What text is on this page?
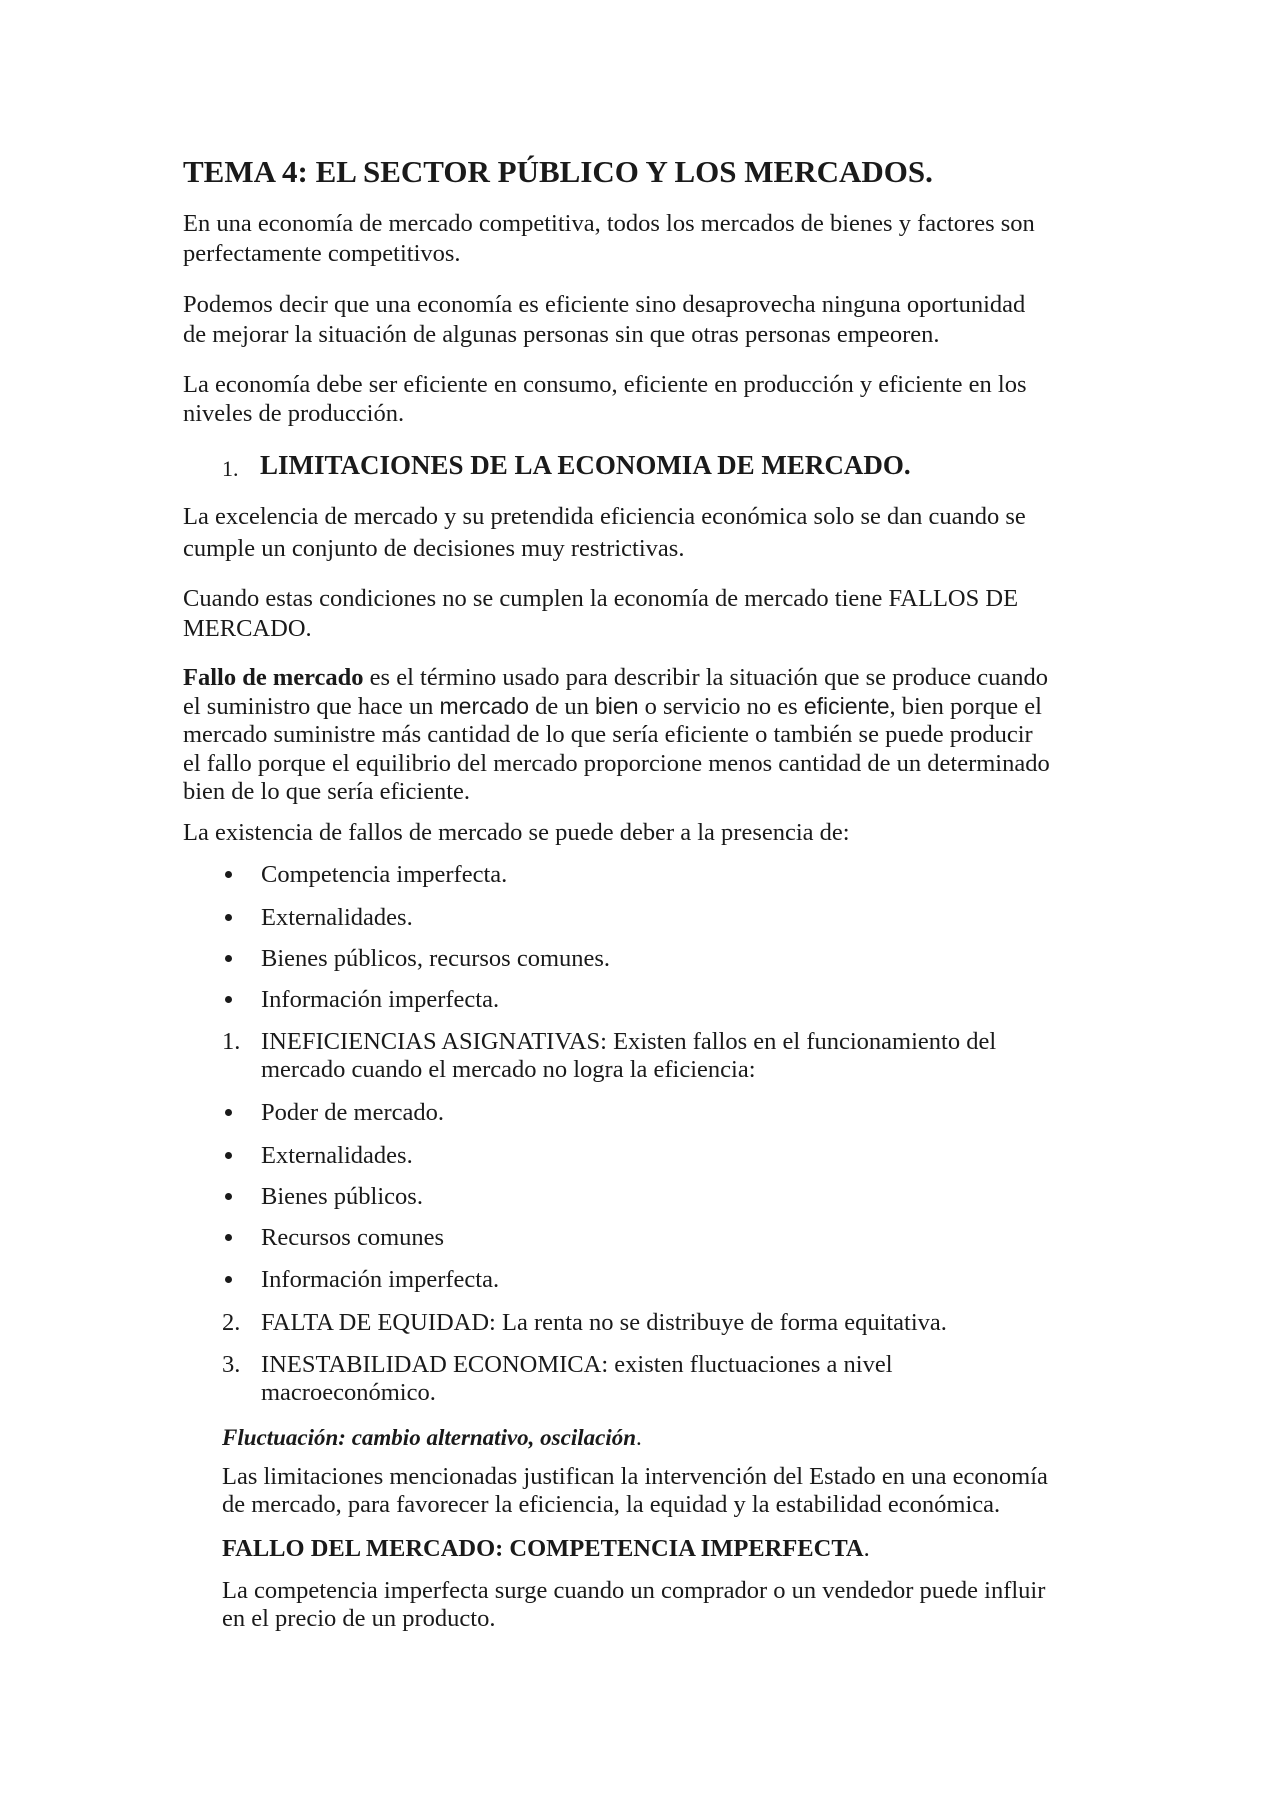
TEMA 4: EL SECTOR PÚBLICO Y LOS MERCADOS.
En una economía de mercado competitiva, todos los mercados de bienes y factores son
perfectamente competitivos.
Podemos decir que una economía es eficiente sino desaprovecha ninguna oportunidad
de mejorar la situación de algunas personas sin que otras personas empeoren.
La economía debe ser eficiente en consumo, eficiente en producción y eficiente en los
niveles de producción.
1. LIMITACIONES DE LA ECONOMIA DE MERCADO.
La excelencia de mercado y su pretendida eficiencia económica solo se dan cuando se
cumple un conjunto de decisiones muy restrictivas.
Cuando estas condiciones no se cumplen la economía de mercado tiene FALLOS DE
MERCADO.
Fallo de mercado es el término usado para describir la situación que se produce cuando
el suministro que hace un mercado de un bien o servicio no es eficiente, bien porque el
mercado suministre más cantidad de lo que sería eficiente o también se puede producir
el fallo porque el equilibrio del mercado proporcione menos cantidad de un determinado
bien de lo que sería eficiente.
La existencia de fallos de mercado se puede deber a la presencia de:
Competencia imperfecta.
Externalidades.
Bienes públicos, recursos comunes.
Información imperfecta.
1. INEFICIENCIAS ASIGNATIVAS: Existen fallos en el funcionamiento del
mercado cuando el mercado no logra la eficiencia:
Poder de mercado.
Externalidades.
Bienes públicos.
Recursos comunes
Información imperfecta.
2. FALTA DE EQUIDAD: La renta no se distribuye de forma equitativa.
3. INESTABILIDAD ECONOMICA: existen fluctuaciones a nivel
macroeconómico.
Fluctuación: cambio alternativo, oscilación.
Las limitaciones mencionadas justifican la intervención del Estado en una economía
de mercado, para favorecer la eficiencia, la equidad y la estabilidad económica.
FALLO DEL MERCADO: COMPETENCIA IMPERFECTA.
La competencia imperfecta surge cuando un comprador o un vendedor puede influir
en el precio de un producto.
